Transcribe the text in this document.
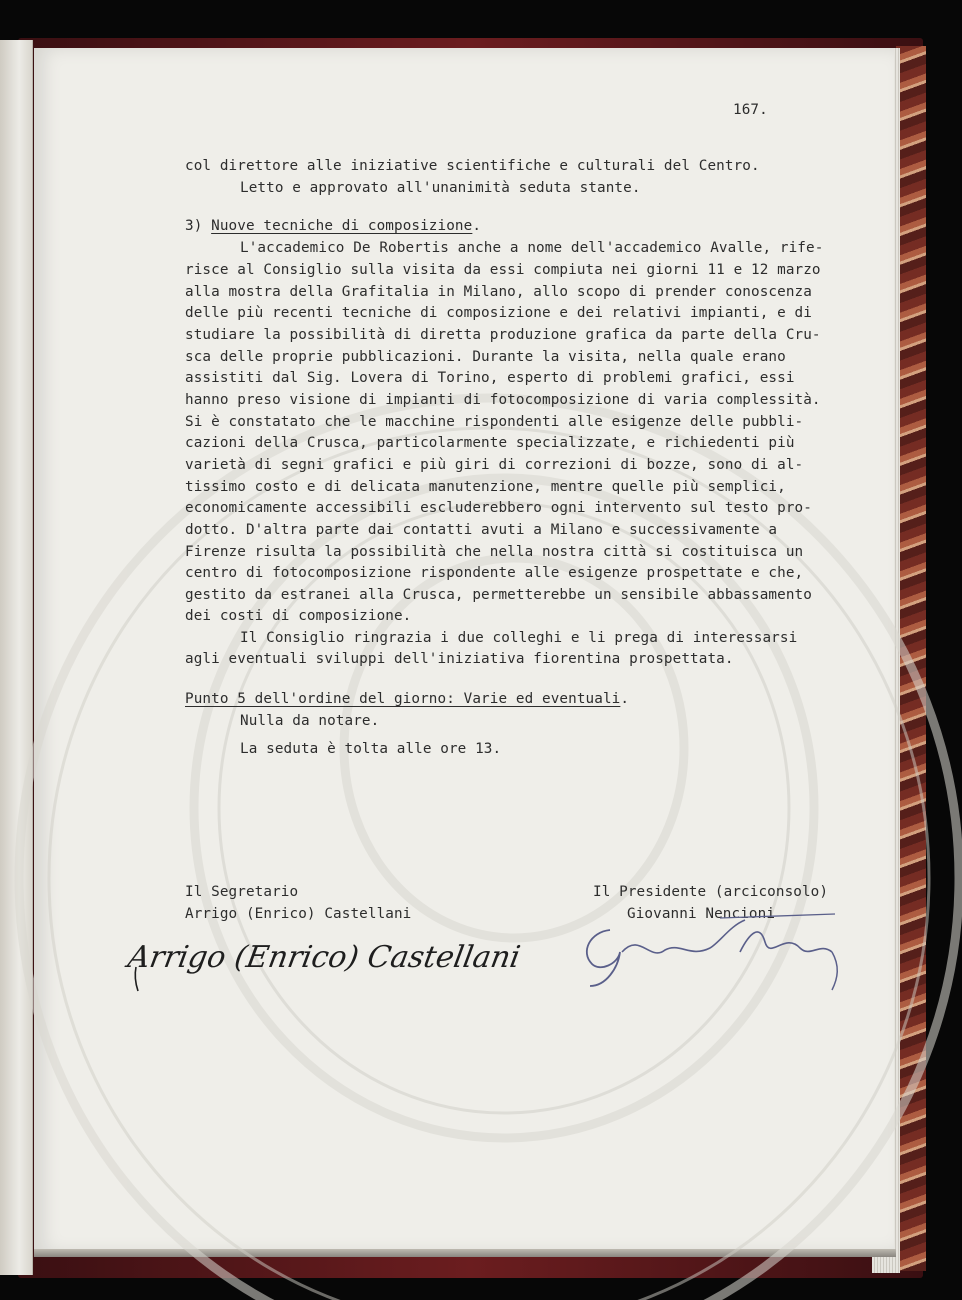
167.
col direttore alle iniziative scientifiche e culturali del Centro.
Letto e approvato all'unanimità seduta stante.
3) Nuove tecniche di composizione.
L'accademico De Robertis anche a nome dell'accademico Avalle, rife-
risce al Consiglio sulla visita da essi compiuta nei giorni 11 e 12 marzo
alla mostra della Grafitalia in Milano, allo scopo di prender conoscenza
delle più recenti tecniche di composizione e dei relativi impianti, e di
studiare la possibilità di diretta produzione grafica da parte della Cru-
sca delle proprie pubblicazioni. Durante la visita, nella quale erano
assistiti dal Sig. Lovera di Torino, esperto di problemi grafici, essi
hanno preso visione di impianti di fotocomposizione di varia complessità.
Si è constatato che le macchine rispondenti alle esigenze delle pubbli-
cazioni della Crusca, particolarmente specializzate, e richiedenti più
varietà di segni grafici e più giri di correzioni di bozze, sono di al-
tissimo costo e di delicata manutenzione, mentre quelle più semplici,
economicamente accessibili escluderebbero ogni intervento sul testo pro-
dotto. D'altra parte dai contatti avuti a Milano e successivamente a
Firenze risulta la possibilità che nella nostra città si costituisca un
centro di fotocomposizione rispondente alle esigenze prospettate e che,
gestito da estranei alla Crusca, permetterebbe un sensibile abbassamento
dei costi di composizione.
Il Consiglio ringrazia i due colleghi e li prega di interessarsi
agli eventuali sviluppi dell'iniziativa fiorentina prospettata.
Punto 5 dell'ordine del giorno: Varie ed eventuali.
Nulla da notare.
La seduta è tolta alle ore 13.
Il Segretario
Arrigo (Enrico) Castellani
Il Presidente (arciconsolo)
Giovanni Nencioni
Arrigo (Enrico) Castellani
